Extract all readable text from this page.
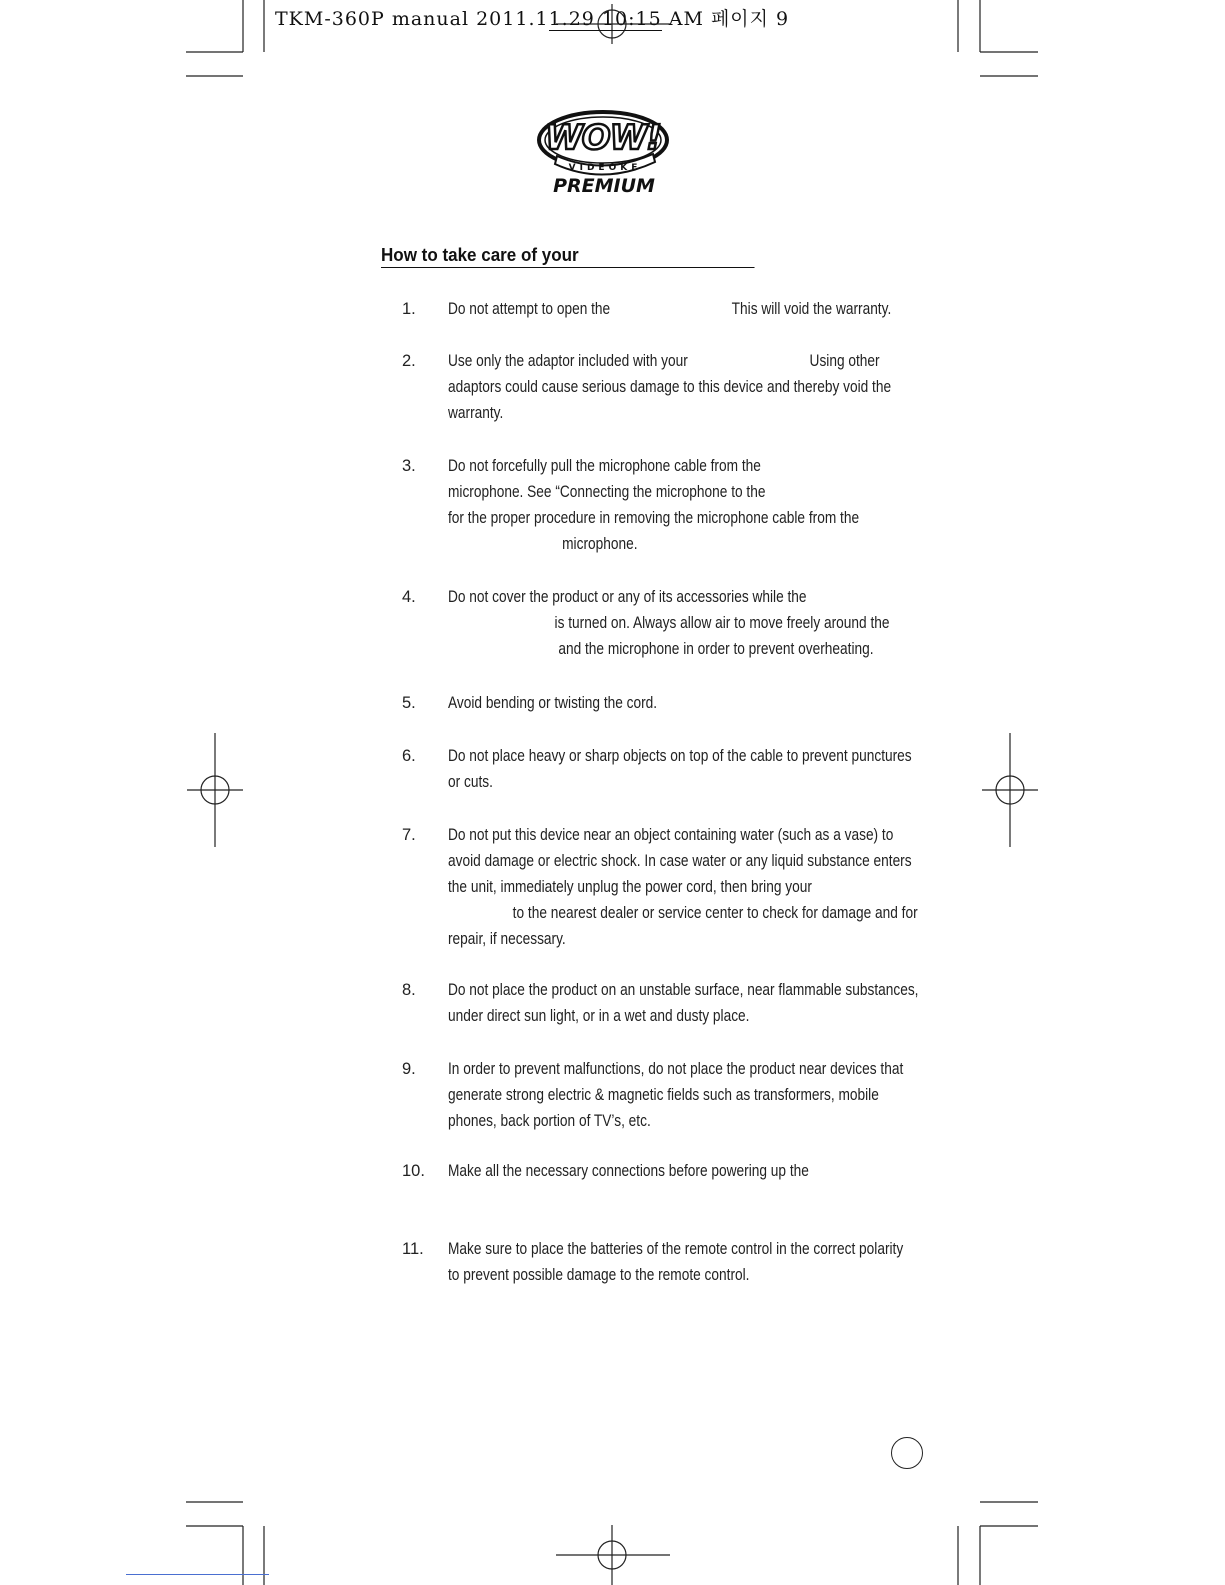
TKM-360P manual 2011.11.29 10:15 AM 페이지 9
WOW!
VIDEOKE
PREMIUM
How to take care of your
1.	Do not attempt to open the                                This will void the warranty.
2.	Use only the adaptor included with your                                Using other
adaptors could cause serious damage to this device and thereby void the
warranty.
3.	Do not forcefully pull the microphone cable from the
microphone. See “Connecting the microphone to the
for the proper procedure in removing the microphone cable from the
microphone.
4.	Do not cover the product or any of its accessories while the
is turned on. Always allow air to move freely around the
and the microphone in order to prevent overheating.
5.	Avoid bending or twisting the cord.
6.	Do not place heavy or sharp objects on top of the cable to prevent punctures
or cuts.
7.	Do not put this device near an object containing water (such as a vase) to
avoid damage or electric shock. In case water or any liquid substance enters
the unit, immediately unplug the power cord, then bring your
to the nearest dealer or service center to check for damage and for
repair, if necessary.
8.	Do not place the product on an unstable surface, near flammable substances,
under direct sun light, or in a wet and dusty place.
9.	In order to prevent malfunctions, do not place the product near devices that
generate strong electric & magnetic fields such as transformers, mobile
phones, back portion of TV’s, etc.
10.	Make all the necessary connections before powering up the
11.	Make sure to place the batteries of the remote control in the correct polarity
to prevent possible damage to the remote control.
